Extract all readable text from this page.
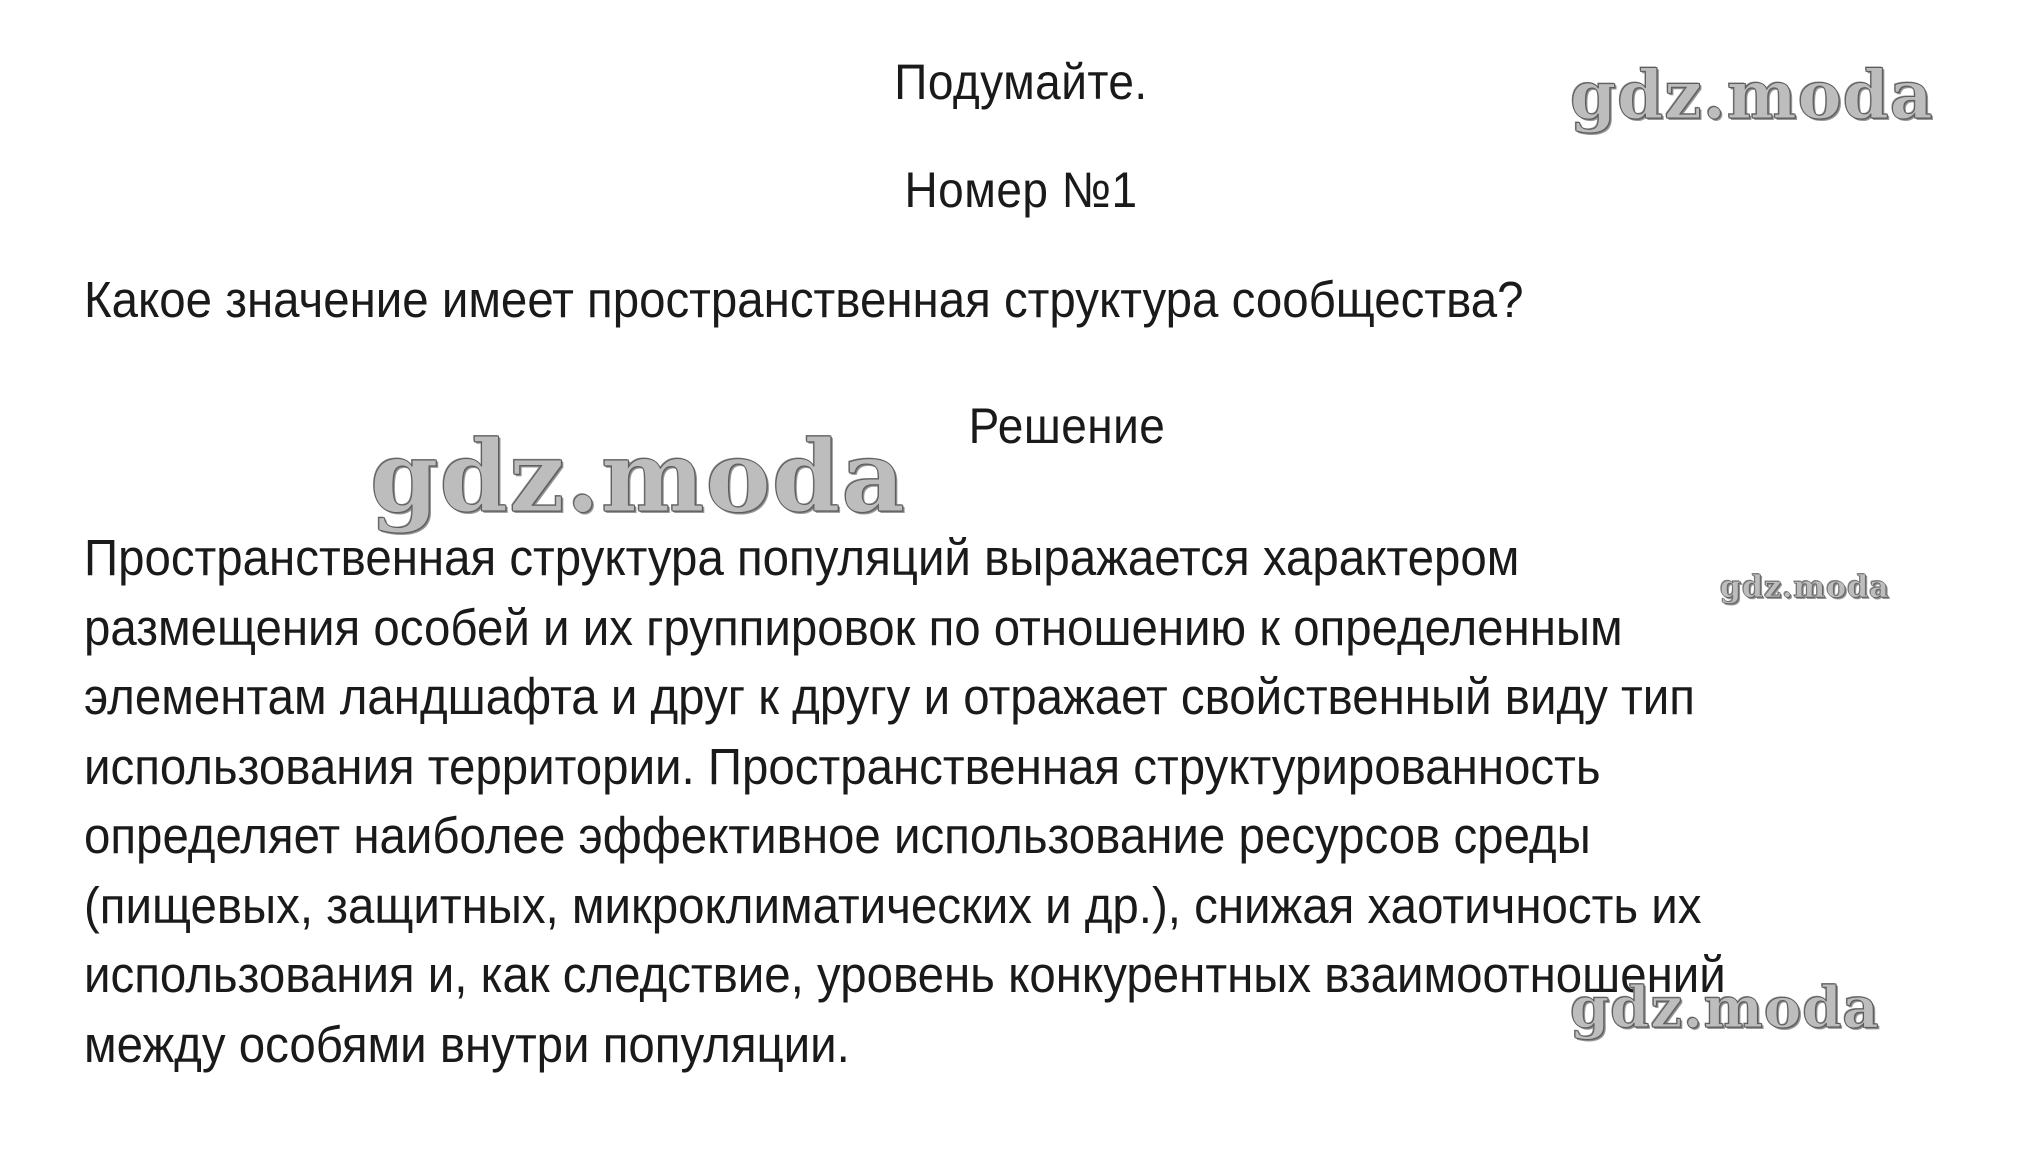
Подумайте.
Номер №1
Какое значение имеет пространственная структура сообщества?
Решение
Пространственная структура популяций выражается характером
размещения особей и их группировок по отношению к определенным
элементам ландшафта и друг к другу и отражает свойственный виду тип
использования территории. Пространственная структурированность
определяет наиболее эффективное использование ресурсов среды
(пищевых, защитных, микроклиматических и др.), снижая хаотичность их
использования и, как следствие, уровень конкурентных взаимоотношений
между особями внутри популяции.
gdz.moda
gdz.moda
gdz.moda
gdz.moda
